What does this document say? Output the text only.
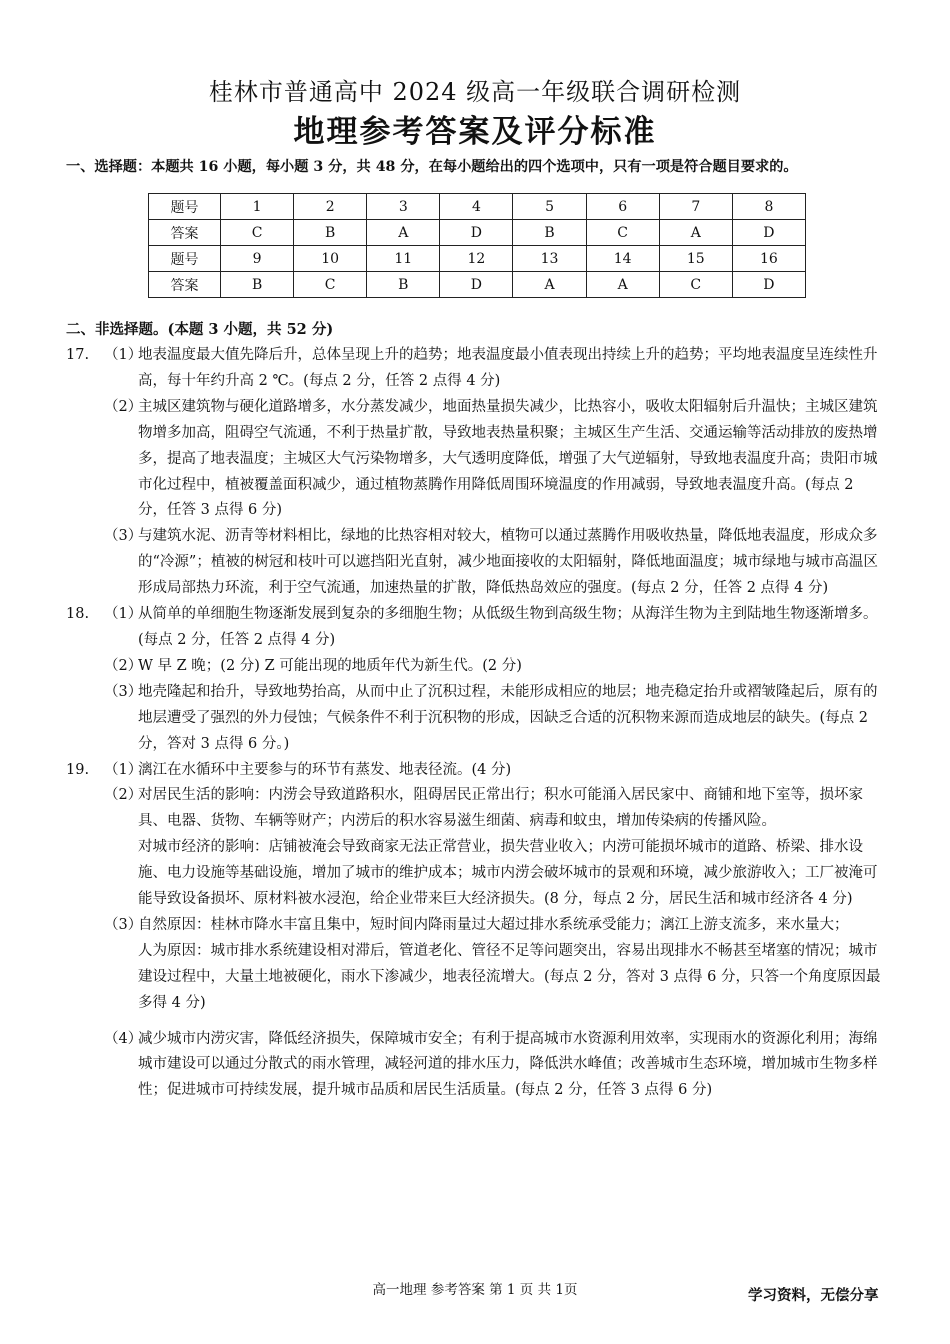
桂林市普通高中 2024 级高一年级联合调研检测
地理参考答案及评分标准
一、选择题：本题共 16 小题，每小题 3 分，共 48 分，在每小题给出的四个选项中，只有一项是符合题目要求的。
题号	1	2	3	4	5	6	7	8
答案	C	B	A	D	B	C	A	D
题号	9	10	11	12	13	14	15	16
答案	B	C	B	D	A	A	C	D
二、非选择题。(本题 3 小题，共 52 分)
17. （1）
地表温度最大值先降后升，总体呈现上升的趋势；地表温度最小值表现出持续上升的趋势；平均地表温度呈连续性升高，每十年约升高 2 ℃。(每点 2 分，任答 2 点得 4 分)
（2）
主城区建筑物与硬化道路增多，水分蒸发减少，地面热量损失减少，比热容小，吸收太阳辐射后升温快；主城区建筑物增多加高，阻碍空气流通，不利于热量扩散，导致地表热量积聚；主城区生产生活、交通运输等活动排放的废热增多，提高了地表温度；主城区大气污染物增多，大气透明度降低，增强了大气逆辐射，导致地表温度升高；贵阳市城市化过程中，植被覆盖面积减少，通过植物蒸腾作用降低周围环境温度的作用减弱，导致地表温度升高。(每点 2 分，任答 3 点得 6 分)
（3）
与建筑水泥、沥青等材料相比，绿地的比热容相对较大，植物可以通过蒸腾作用吸收热量，降低地表温度，形成众多的“冷源”；植被的树冠和枝叶可以遮挡阳光直射，减少地面接收的太阳辐射，降低地面温度；城市绿地与城市高温区形成局部热力环流，利于空气流通，加速热量的扩散，降低热岛效应的强度。(每点 2 分，任答 2 点得 4 分)
18. （1）
从简单的单细胞生物逐渐发展到复杂的多细胞生物；从低级生物到高级生物；从海洋生物为主到陆地生物逐渐增多。(每点 2 分，任答 2 点得 4 分)
（2）
W 早 Z 晚；(2 分) Z 可能出现的地质年代为新生代。(2 分)
（3）
地壳隆起和抬升，导致地势抬高，从而中止了沉积过程，未能形成相应的地层；地壳稳定抬升或褶皱隆起后，原有的地层遭受了强烈的外力侵蚀；气候条件不利于沉积物的形成，因缺乏合适的沉积物来源而造成地层的缺失。(每点 2 分，答对 3 点得 6 分。)
19. （1）
漓江在水循环中主要参与的环节有蒸发、地表径流。(4 分)
（2）
对居民生活的影响：内涝会导致道路积水，阻碍居民正常出行；积水可能涌入居民家中、商铺和地下室等，损坏家具、电器、货物、车辆等财产；内涝后的积水容易滋生细菌、病毒和蚊虫，增加传染病的传播风险。
对城市经济的影响：店铺被淹会导致商家无法正常营业，损失营业收入；内涝可能损坏城市的道路、桥梁、排水设施、电力设施等基础设施，增加了城市的维护成本；城市内涝会破坏城市的景观和环境，减少旅游收入；工厂被淹可能导致设备损坏、原材料被水浸泡，给企业带来巨大经济损失。(8 分，每点 2 分，居民生活和城市经济各 4 分)
（3）
自然原因：桂林市降水丰富且集中，短时间内降雨量过大超过排水系统承受能力；漓江上游支流多，来水量大；
人为原因：城市排水系统建设相对滞后，管道老化、管径不足等问题突出，容易出现排水不畅甚至堵塞的情况；城市建设过程中，大量土地被硬化，雨水下渗减少，地表径流增大。(每点 2 分，答对 3 点得 6 分，只答一个角度原因最多得 4 分)
（4）
减少城市内涝灾害，降低经济损失，保障城市安全；有利于提高城市水资源利用效率，实现雨水的资源化利用；海绵城市建设可以通过分散式的雨水管理，减轻河道的排水压力，降低洪水峰值；改善城市生态环境，增加城市生物多样性；促进城市可持续发展，提升城市品质和居民生活质量。(每点 2 分，任答 3 点得 6 分)
高一地理 参考答案 第 1 页 共 1页	学习资料，无偿分享
